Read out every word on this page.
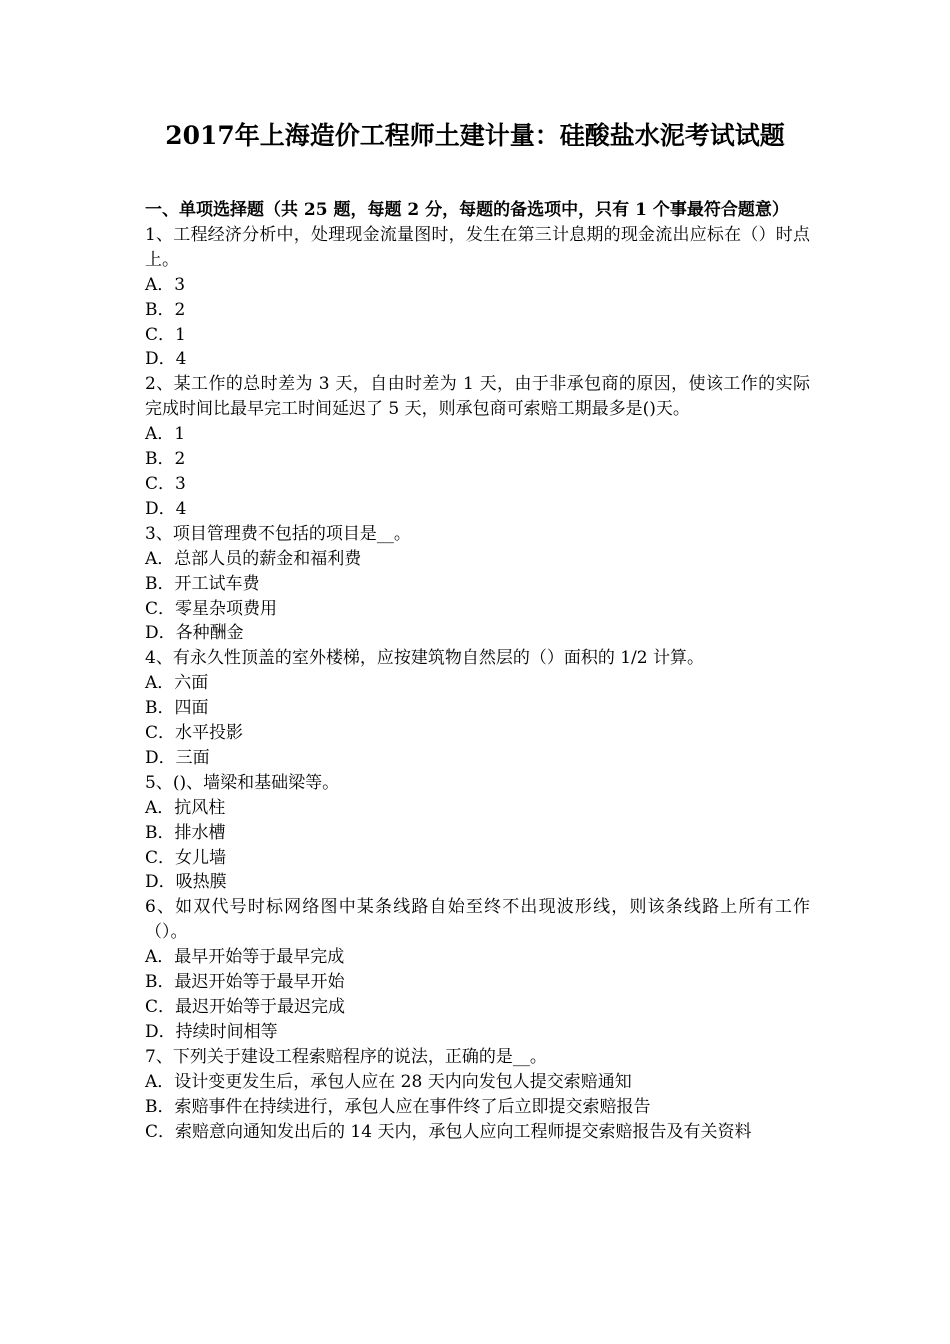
2017年上海造价工程师土建计量：硅酸盐水泥考试试题
一、单项选择题（共 25 题，每题 2 分，每题的备选项中，只有 1 个事最符合题意）
1、工程经济分析中，处理现金流量图时，发生在第三计息期的现金流出应标在（）时点上。
A．3
B．2
C．1
D．4
2、某工作的总时差为 3 天，自由时差为 1 天，由于非承包商的原因，使该工作的实际完成时间比最早完工时间延迟了 5 天，则承包商可索赔工期最多是()天。
A．1
B．2
C．3
D．4
3、项目管理费不包括的项目是__。
A．总部人员的薪金和福利费
B．开工试车费
C．零星杂项费用
D．各种酬金
4、有永久性顶盖的室外楼梯，应按建筑物自然层的（）面积的 1/2 计算。
A．六面
B．四面
C．水平投影
D．三面
5、()、墙梁和基础梁等。
A．抗风柱
B．排水槽
C．女儿墙
D．吸热膜
6、如双代号时标网络图中某条线路自始至终不出现波形线，则该条线路上所有工作（）。
A．最早开始等于最早完成
B．最迟开始等于最早开始
C．最迟开始等于最迟完成
D．持续时间相等
7、下列关于建设工程索赔程序的说法，正确的是__。
A．设计变更发生后，承包人应在 28 天内向发包人提交索赔通知
B．索赔事件在持续进行，承包人应在事件终了后立即提交索赔报告
C．索赔意向通知发出后的 14 天内，承包人应向工程师提交索赔报告及有关资料
